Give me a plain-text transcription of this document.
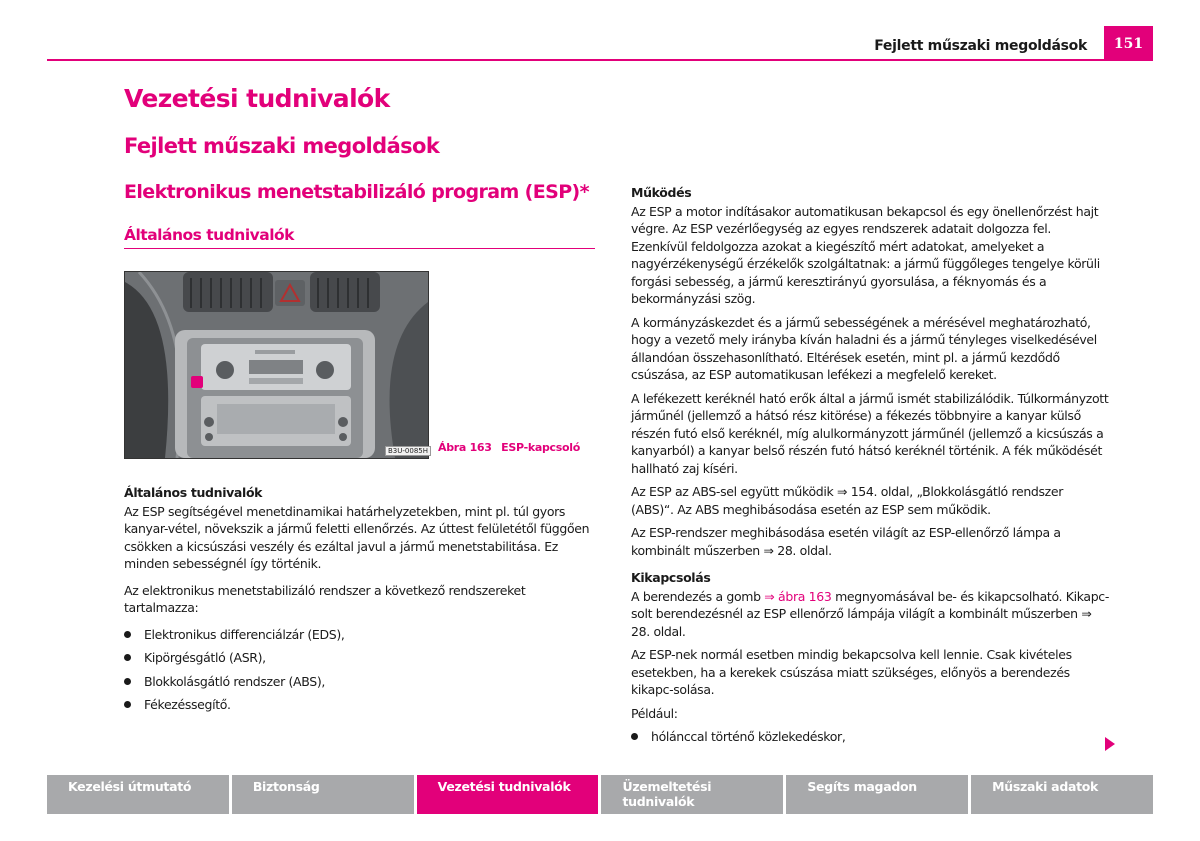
Fejlett műszaki megoldások	151
Vezetési tudnivalók
Fejlett műszaki megoldások
Elektronikus menetstabilizáló program (ESP)*
Általános tudnivalók
B3U-0085H Ábra 163 ESP-kapcsoló
Általános tudnivalók

Az ESP segítségével menetdinamikai határhelyzetekben, mint pl. túl gyors kanyar-vétel, növekszik a jármű feletti ellenőrzés. Az úttest felületétől függően csökken a kicsúszási veszély és ezáltal javul a jármű menetstabilitása. Ez minden sebességnél így történik.

Az elektronikus menetstabilizáló rendszer a következő rendszereket tartalmazza:

Elektronikus differenciálzár (EDS),
Kipörgésgátló (ASR),
Blokkolásgátló rendszer (ABS),
Fékezéssegítő.
Működés

Az ESP a motor indításakor automatikusan bekapcsol és egy önellenőrzést hajt végre. Az ESP vezérlőegység az egyes rendszerek adatait dolgozza fel. Ezenkívül feldolgozza azokat a kiegészítő mért adatokat, amelyeket a nagyérzékenységű érzékelők szolgáltatnak: a jármű függőleges tengelye körüli forgási sebesség, a jármű keresztirányú gyorsulása, a féknyomás és a bekormányzási szög.

A kormányzáskezdet és a jármű sebességének a mérésével meghatározható, hogy a vezető mely irányba kíván haladni és a jármű tényleges viselkedésével állandóan összehasonlítható. Eltérések esetén, mint pl. a jármű kezdődő csúszása, az ESP automatikusan lefékezi a megfelelő kereket.

A lefékezett keréknél ható erők által a jármű ismét stabilizálódik. Túlkormányzott járműnél (jellemző a hátsó rész kitörése) a fékezés többnyire a kanyar külső részén futó első keréknél, míg alulkormányzott járműnél (jellemző a kicsúszás a kanyarból) a kanyar belső részén futó hátsó keréknél történik. A fék működését hallható zaj kíséri.

Az ESP az ABS-sel együtt működik ⇒ 154. oldal, „Blokkolásgátló rendszer (ABS)“. Az ABS meghibásodása esetén az ESP sem működik.

Az ESP-rendszer meghibásodása esetén világít az ESP-ellenőrző lámpa a kombinált műszerben ⇒ 28. oldal.

Kikapcsolás

A berendezés a gomb ⇒ ábra 163 megnyomásával be- és kikapcsolható. Kikapc-solt berendezésnél az ESP ellenőrző lámpája világít a kombinált műszerben ⇒ 28. oldal.

Az ESP-nek normál esetben mindig bekapcsolva kell lennie. Csak kivételes esetekben, ha a kerekek csúszása miatt szükséges, előnyös a berendezés kikapc-solása.

Például:

hólánccal történő közlekedéskor,
Kezelési útmutató	Biztonság	Vezetési tudnivalók	Üzemeltetési tudnivalók
Segíts magadon	Műszaki adatok
